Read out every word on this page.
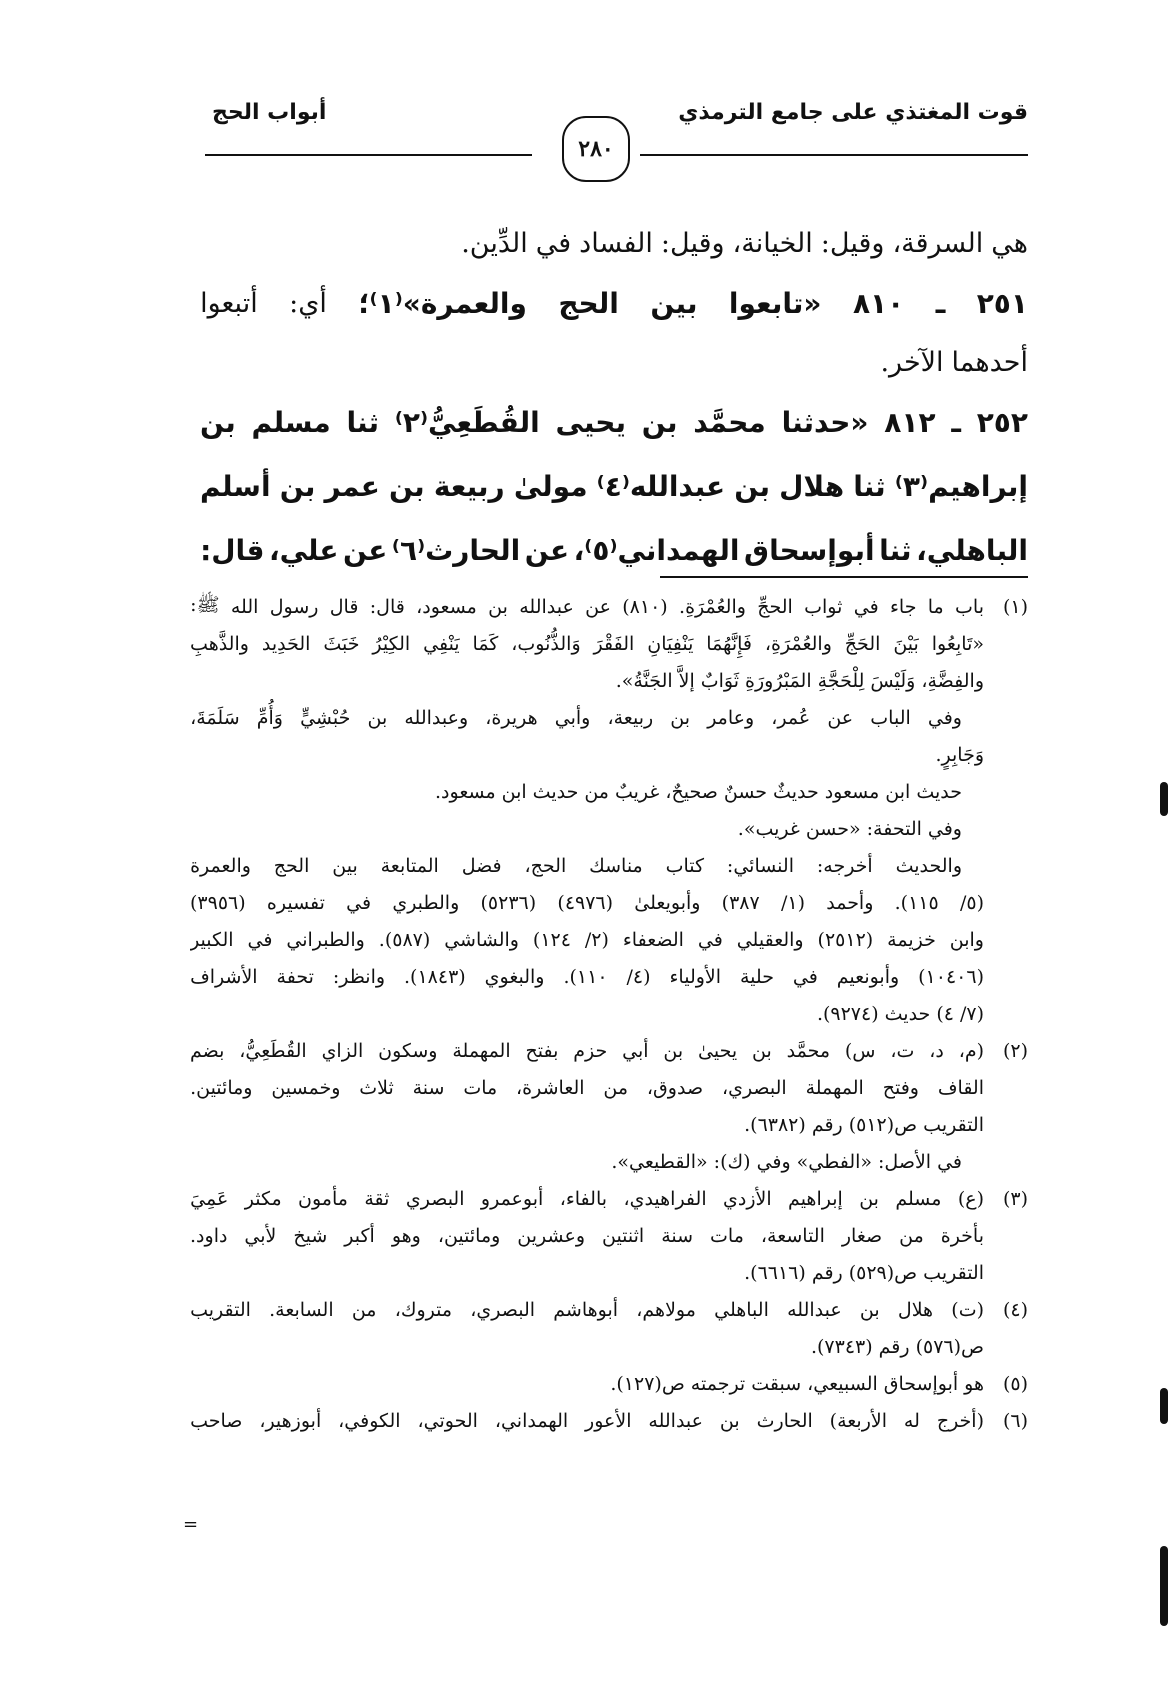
قوت المغتذي على جامع الترمذي
أبواب الحج
٢٨٠
هي
السرقة،
وقيل:
الخيانة،
وقيل:
الفساد
في
الدِّين.
٢٥١
ـ
٨١٠
«تابعوا
بين
الحج
والعمرة»⁽١⁾؛
أي:
أتبعوا
أحدهما
الآخر.
٢٥٢
ـ
٨١٢
«حدثنا
محمَّد
بن
يحيى
القُطَعِيُّ⁽٢⁾
ثنا
مسلم
بن
إبراهيم⁽٣⁾
ثنا
هلال
بن
عبدالله⁽٤⁾
مولىٰ
ربيعة
بن
عمر
بن
أسلم
الباهلي،
ثنا
أبوإسحاق
الهمداني⁽٥⁾،
عن
الحارث⁽٦⁾
عن
علي،
قال:
(١)
باب
ما
جاء
في
ثواب
الحجِّ
والعُمْرَةِ.
(٨١٠)
عن
عبدالله
بن
مسعود،
قال:
قال
رسول
الله
ﷺ:
«تَابِعُوا
بَيْنَ
الحَجِّ
والعُمْرَةِ،
فَإِنَّهُمَا
يَنْفِيَانِ
الفَقْرَ
وَالذُّنُوب،
كَمَا
يَنْفِي
الكِيْرُ
خَبَثَ
الحَدِيد
والذَّهبِ
والفِضَّةِ،
وَلَيْسَ
لِلْحَجَّةِ
المَبْرُورَةِ
ثَوَابٌ
إلاَّ
الجَنَّةُ».
وفي
الباب
عن
عُمر،
وعامر
بن
ربيعة،
وأبي
هريرة،
وعبدالله
بن
حُبْشِيٍّ
وَأُمِّ
سَلَمَةَ،
وَجَابِرٍ.
حديث
ابن
مسعود
حديثٌ
حسنٌ
صحيحٌ،
غريبٌ
من
حديث
ابن
مسعود.
وفي
التحفة:
«حسن
غريب».
والحديث
أخرجه:
النسائي:
كتاب
مناسك
الحج،
فضل
المتابعة
بين
الحج
والعمرة
(٥/
١١٥).
وأحمد
(١/
٣٨٧)
وأبويعلىٰ
(٤٩٧٦)
(٥٢٣٦)
والطبري
في
تفسيره
(٣٩٥٦)
وابن
خزيمة
(٢٥١٢)
والعقيلي
في
الضعفاء
(٢/
١٢٤)
والشاشي
(٥٨٧).
والطبراني
في
الكبير
(١٠٤٠٦)
وأبونعيم
في
حلية
الأولياء
(٤/
١١٠).
والبغوي
(١٨٤٣).
وانظر:
تحفة
الأشراف
(٧/
٤)
حديث
(٩٢٧٤).
(٢)
(م،
د،
ت،
س)
محمَّد
بن
يحيىٰ
بن
أبي
حزم
بفتح
المهملة
وسكون
الزاي
القُطَعِيُّ،
بضم
القاف
وفتح
المهملة
البصري،
صدوق،
من
العاشرة،
مات
سنة
ثلاث
وخمسين
ومائتين.
التقريب
ص(٥١٢)
رقم
(٦٣٨٢).
في
الأصل:
«الفطي»
وفي
(ك):
«القطيعي».
(٣)
(ع)
مسلم
بن
إبراهيم
الأزدي
الفراهيدي،
بالفاء،
أبوعمرو
البصري
ثقة
مأمون
مكثر
عَمِيَ
بأخرة
من
صغار
التاسعة،
مات
سنة
اثنتين
وعشرين
ومائتين،
وهو
أكبر
شيخ
لأبي
داود.
التقريب
ص(٥٢٩)
رقم
(٦٦١٦).
(٤)
(ت)
هلال
بن
عبدالله
الباهلي
مولاهم،
أبوهاشم
البصري،
متروك،
من
السابعة.
التقريب
ص(٥٧٦)
رقم
(٧٣٤٣).
(٥)
هو
أبوإسحاق
السبيعي،
سبقت
ترجمته
ص(١٢٧).
(٦)
(أخرج
له
الأربعة)
الحارث
بن
عبدالله
الأعور
الهمداني،
الحوتي،
الكوفي،
أبوزهير،
صاحب
=
